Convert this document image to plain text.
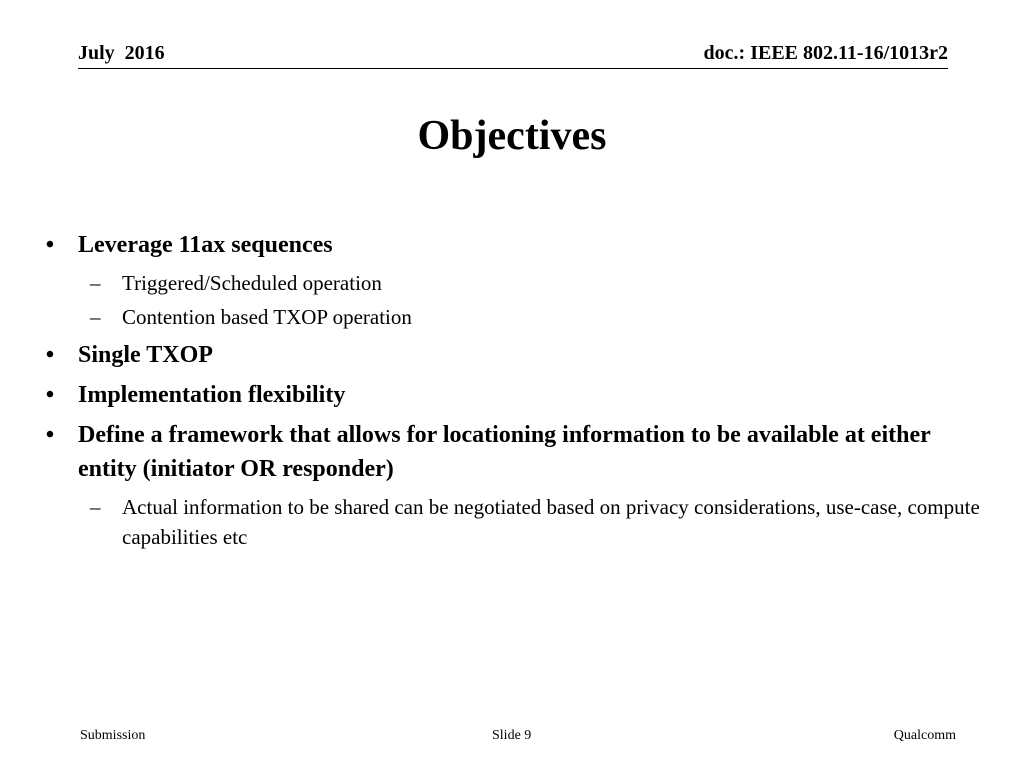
July  2016	doc.: IEEE 802.11-16/1013r2
Objectives
• Leverage 11ax sequences
– Triggered/Scheduled operation
– Contention based TXOP operation
• Single TXOP
• Implementation flexibility
• Define a framework that allows for locationing information to be available at either entity (initiator OR responder)
– Actual information to be shared can be negotiated based on privacy considerations, use-case, compute capabilities etc
Submission	Slide 9	Qualcomm
